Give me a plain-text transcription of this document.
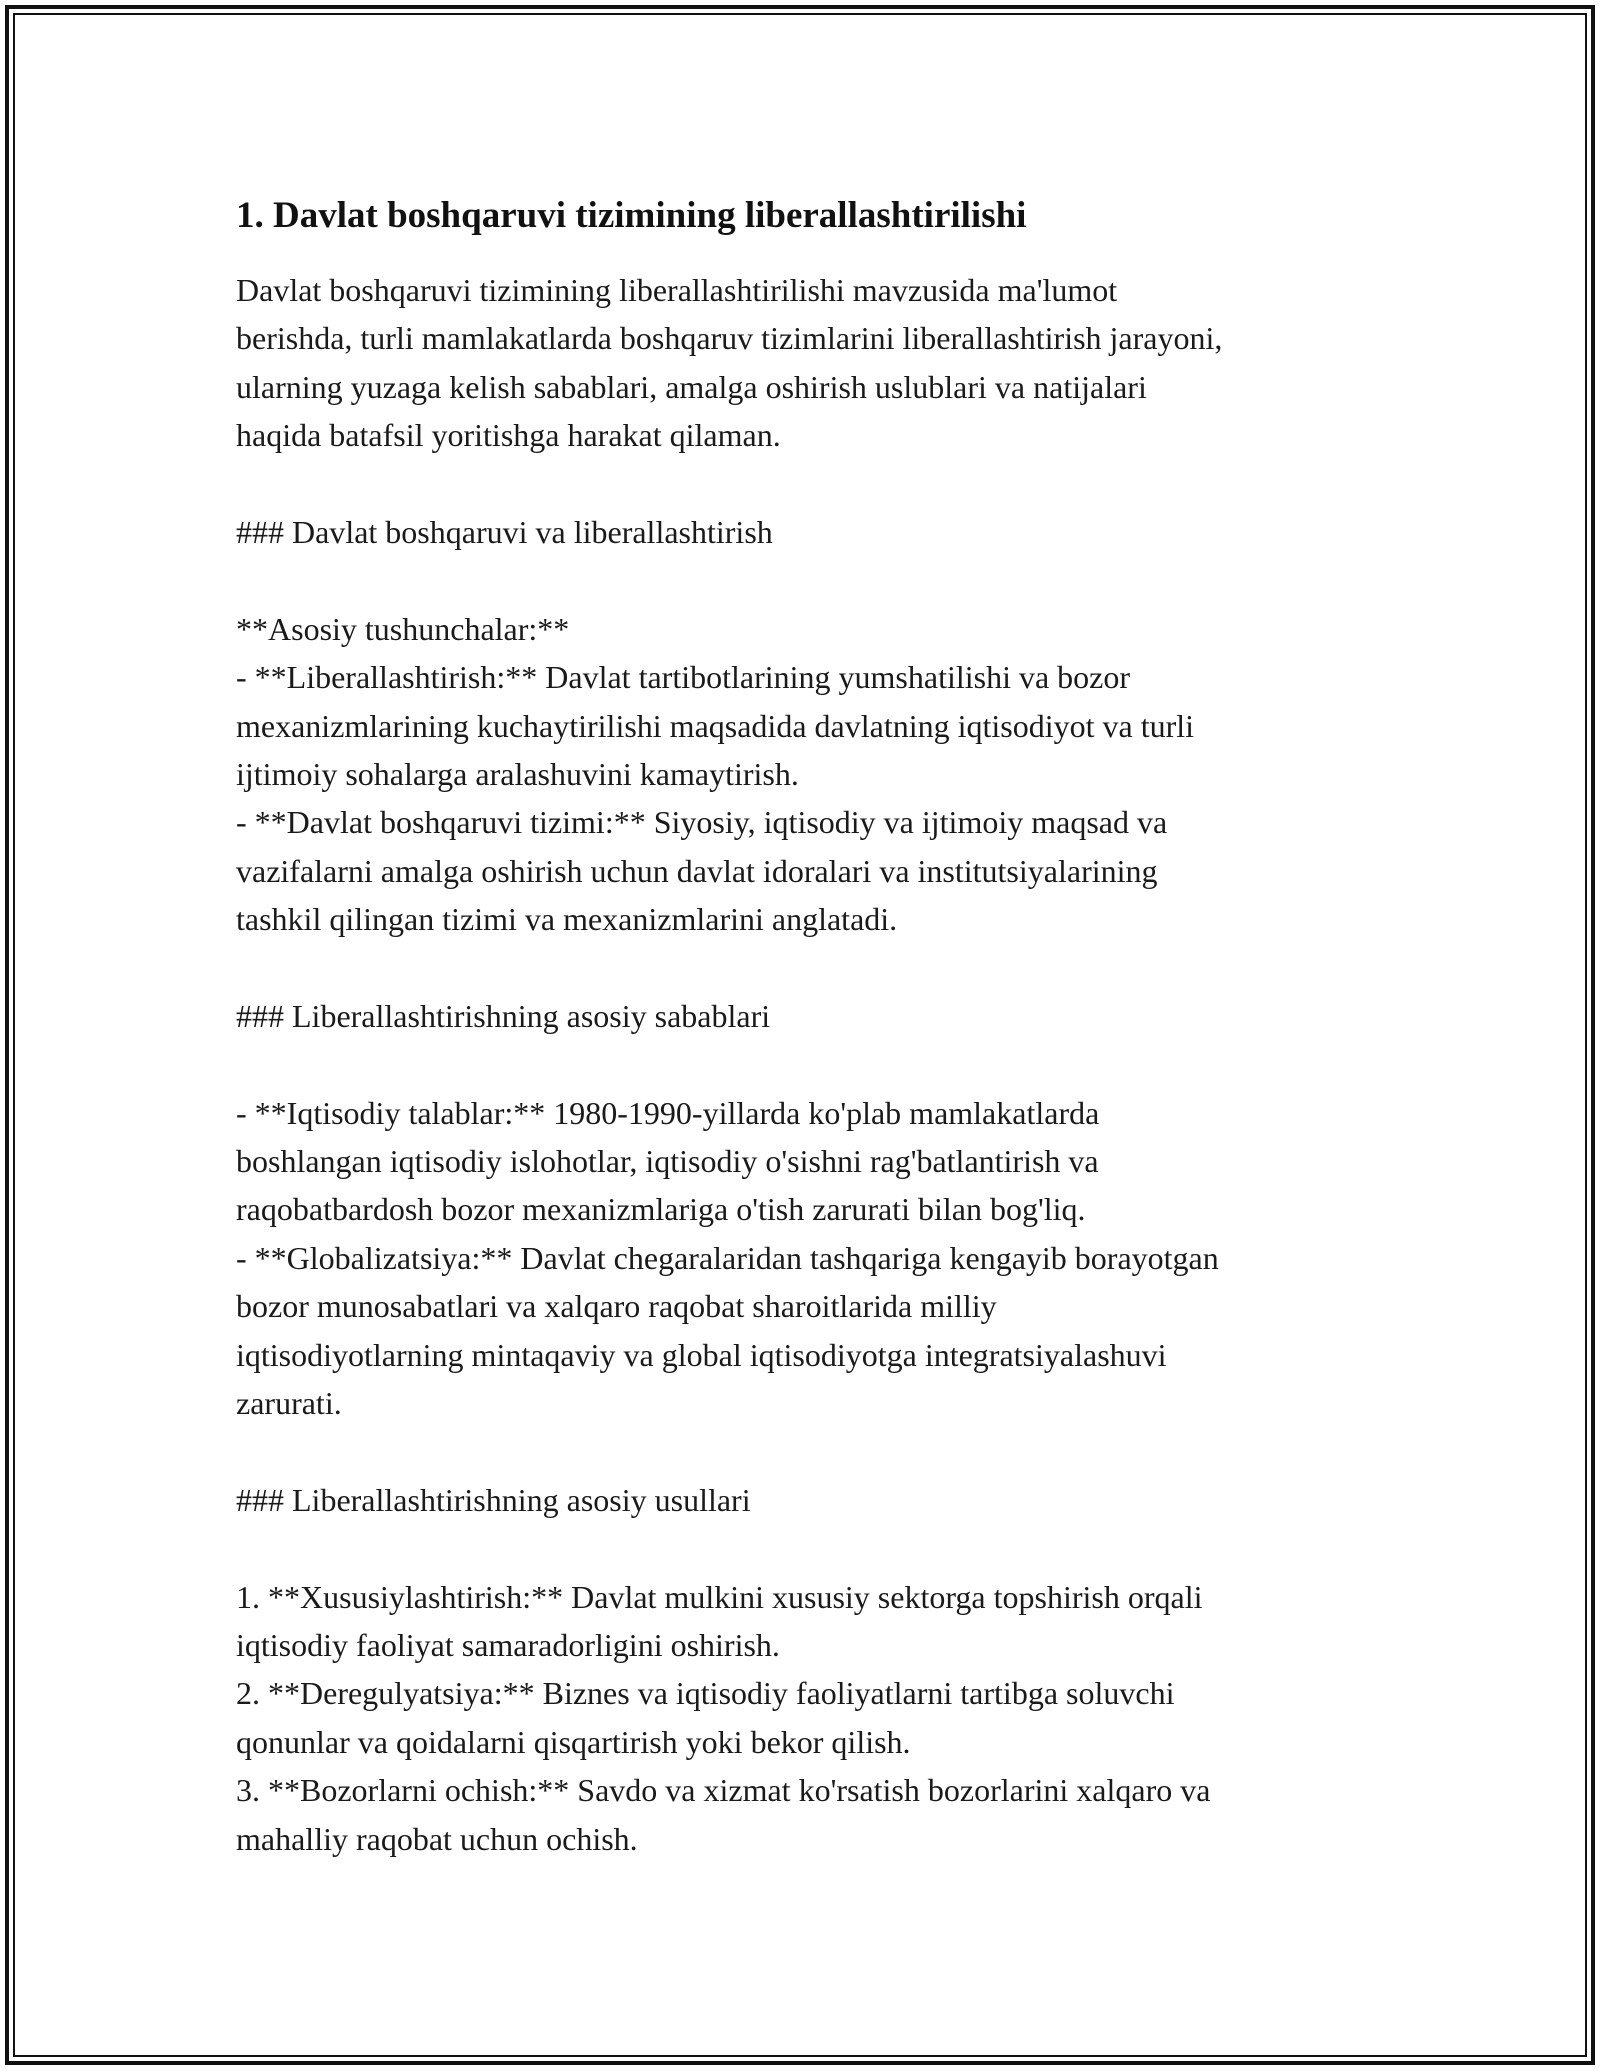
1. Davlat boshqaruvi tizimining liberallashtirilishi
Davlat boshqaruvi tizimining liberallashtirilishi mavzusida ma'lumot
berishda, turli mamlakatlarda boshqaruv tizimlarini liberallashtirish jarayoni,
ularning yuzaga kelish sabablari, amalga oshirish uslublari va natijalari
haqida batafsil yoritishga harakat qilaman.
### Davlat boshqaruvi va liberallashtirish
**Asosiy tushunchalar:**
- **Liberallashtirish:** Davlat tartibotlarining yumshatilishi va bozor
mexanizmlarining kuchaytirilishi maqsadida davlatning iqtisodiyot va turli
ijtimoiy sohalarga aralashuvini kamaytirish.
- **Davlat boshqaruvi tizimi:** Siyosiy, iqtisodiy va ijtimoiy maqsad va
vazifalarni amalga oshirish uchun davlat idoralari va institutsiyalarining
tashkil qilingan tizimi va mexanizmlarini anglatadi.
### Liberallashtirishning asosiy sabablari
- **Iqtisodiy talablar:** 1980-1990-yillarda ko'plab mamlakatlarda
boshlangan iqtisodiy islohotlar, iqtisodiy o'sishni rag'batlantirish va
raqobatbardosh bozor mexanizmlariga o'tish zarurati bilan bog'liq.
- **Globalizatsiya:** Davlat chegaralaridan tashqariga kengayib borayotgan
bozor munosabatlari va xalqaro raqobat sharoitlarida milliy
iqtisodiyotlarning mintaqaviy va global iqtisodiyotga integratsiyalashuvi
zarurati.
### Liberallashtirishning asosiy usullari
1. **Xususiylashtirish:** Davlat mulkini xususiy sektorga topshirish orqali
iqtisodiy faoliyat samaradorligini oshirish.
2. **Deregulyatsiya:** Biznes va iqtisodiy faoliyatlarni tartibga soluvchi
qonunlar va qoidalarni qisqartirish yoki bekor qilish.
3. **Bozorlarni ochish:** Savdo va xizmat ko'rsatish bozorlarini xalqaro va
mahalliy raqobat uchun ochish.
